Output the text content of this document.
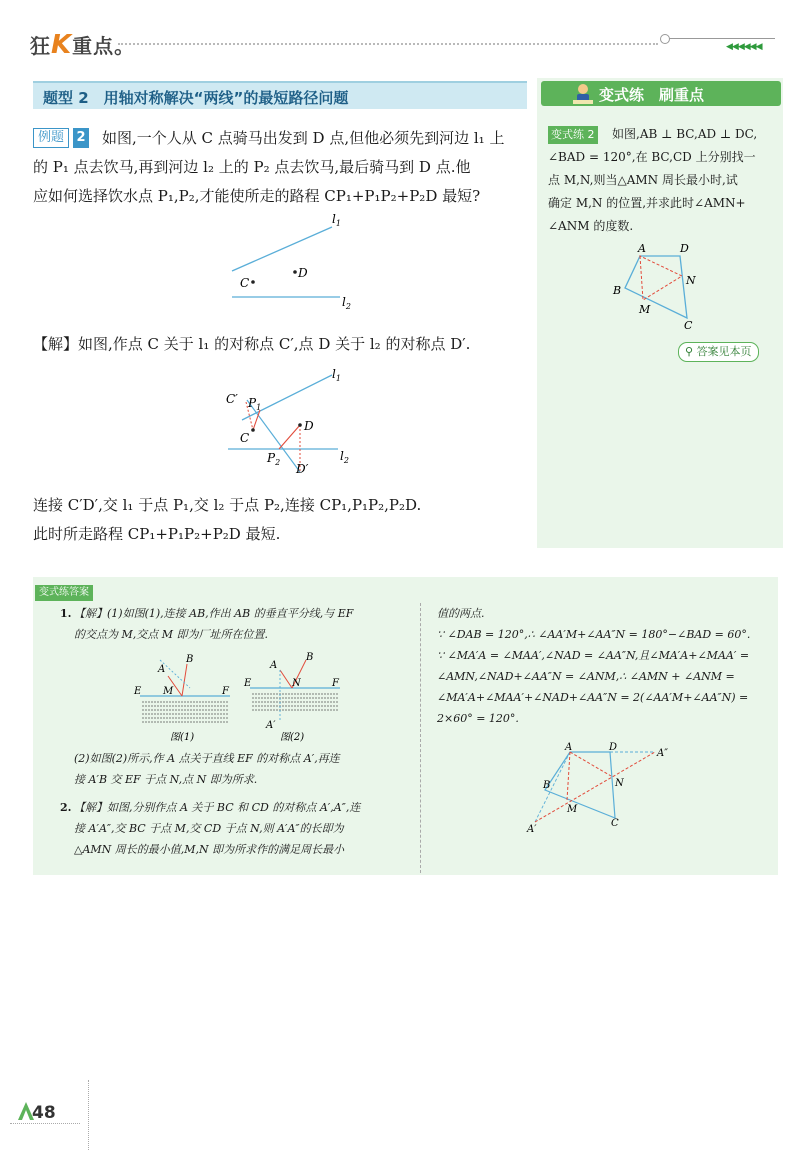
狂K重点。	◀◀◀◀◀◀
题型 2　用轴对称解决“两线”的最短路径问题
例题 2 如图,一个人从 C 点骑马出发到 D 点,但他必须先到河边 l₁ 上
的 P₁ 点去饮马,再到河边 l₂ 上的 P₂ 点去饮马,最后骑马到 D 点.他
应如何选择饮水点 P₁,P₂,才能使所走的路程 CP₁+P₁P₂+P₂D 最短?
C
D
$l_1$
$l_2$
【解】如图,作点 C 关于 l₁ 的对称点 C′,点 D 关于 l₂ 的对称点 D′.
C′ $P_1$
C
D
$P_2$ D′
$l_1$
$l_2$
连接 C′D′,交 l₁ 于点 P₁,交 l₂ 于点 P₂,连接 CP₁,P₁P₂,P₂D.
此时所走路程 CP₁+P₁P₂+P₂D 最短.
变式练　刷重点
变式练 2 如图,AB ⊥ BC,AD ⊥ DC,
∠BAD = 120°,在 BC,CD 上分别找一
点 M,N,则当△AMN 周长最小时,试
确定 M,N 的位置,并求此时∠AMN+
∠ANM 的度数.
A	D
B
N
M
C
⚲ 答案见本页
变式练答案
1. 【解】(1)如图(1),连接 AB,作出 AB 的垂直平分线,与 EF
的交点为 M,交点 M 即为厂址所在位置.
A
B
E M	F
图(1)
A
B
E	N	F
A′
图(2)
(2)如图(2)所示,作 A 点关于直线 EF 的对称点 A′,再连
接 A′B 交 EF 于点 N,点 N 即为所求.
2. 【解】如图,分别作点 A 关于 BC 和 CD 的对称点 A′,A″,连
接 A′A″,交 BC 于点 M,交 CD 于点 N,则 A′A″的长即为
△AMN 周长的最小值,M,N 即为所求作的满足周长最小
值的两点.
∵ ∠DAB = 120°,∴ ∠AA′M+∠AA″N = 180°−∠BAD = 60°.
∵ ∠MA′A = ∠MAA′,∠NAD = ∠AA″N,且∠MA′A+∠MAA′ =
∠AMN,∠NAD+∠AA″N = ∠ANM,∴ ∠AMN + ∠ANM =
∠MA′A+∠MAA′+∠NAD+∠AA″N = 2(∠AA′M+∠AA″N) =
2×60° = 120°.
A	D
A″
N
B
M
C
A′
48
